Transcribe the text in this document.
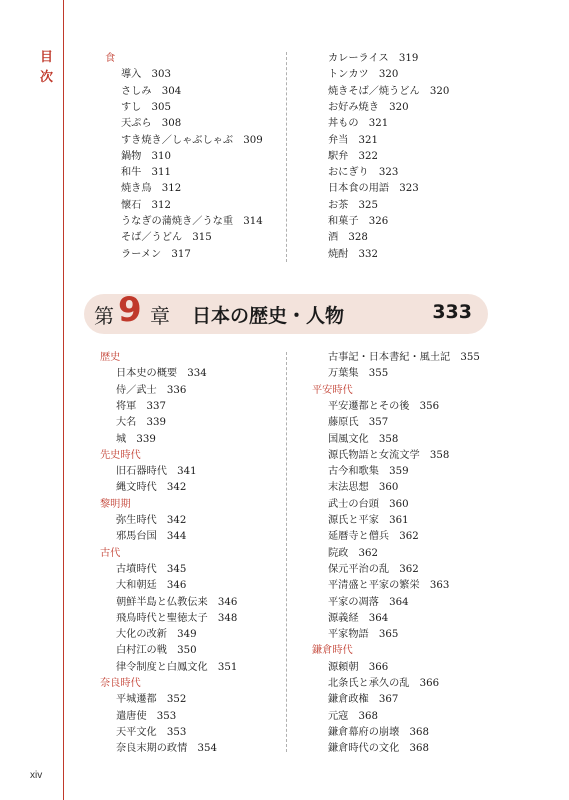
目
次
食
導入　303
さしみ　304
すし　305
天ぷら　308
すき焼き／しゃぶしゃぶ　309
鍋物　310
和牛　311
焼き鳥　312
懐石　312
うなぎの蒲焼き／うな重　314
そば／うどん　315
ラーメン　317
カレーライス　319
トンカツ　320
焼きそば／焼うどん　320
お好み焼き　320
丼もの　321
弁当　321
駅弁　322
おにぎり　323
日本食の用語　323
お茶　325
和菓子　326
酒　328
焼酎　332
第 9 章 日本の歴史・人物	333
歴史
日本史の概要　334
侍／武士　336
将軍　337
大名　339
城　339
先史時代
旧石器時代　341
縄文時代　342
黎明期
弥生時代　342
邪馬台国　344
古代
古墳時代　345
大和朝廷　346
朝鮮半島と仏教伝来　346
飛鳥時代と聖徳太子　348
大化の改新　349
白村江の戦　350
律令制度と白鳳文化　351
奈良時代
平城遷都　352
遣唐使　353
天平文化　353
奈良末期の政情　354
古事記・日本書紀・風土記　355
万葉集　355
平安時代
平安遷都とその後　356
藤原氏　357
国風文化　358
源氏物語と女流文学　358
古今和歌集　359
末法思想　360
武士の台頭　360
源氏と平家　361
延暦寺と僧兵　362
院政　362
保元平治の乱　362
平清盛と平家の繁栄　363
平家の凋落　364
源義経　364
平家物語　365
鎌倉時代
源頼朝　366
北条氏と承久の乱　366
鎌倉政権　367
元寇　368
鎌倉幕府の崩壊　368
鎌倉時代の文化　368
xiv
